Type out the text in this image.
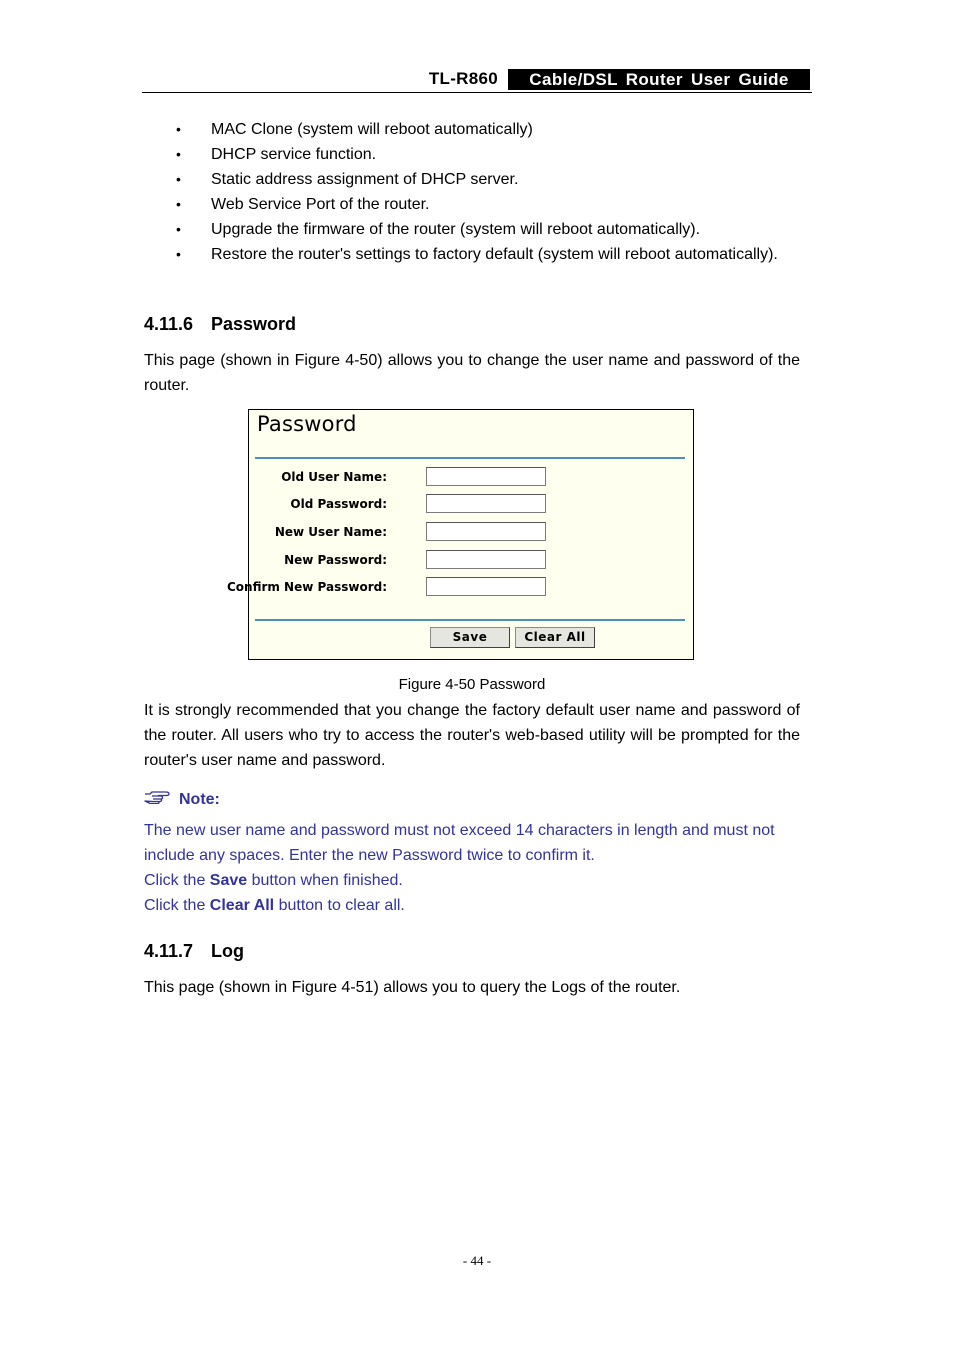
TL-R860	Cable/DSL Router User Guide
• MAC Clone (system will reboot automatically)
• DHCP service function.
• Static address assignment of DHCP server.
• Web Service Port of the router.
• Upgrade the firmware of the router (system will reboot automatically).
• Restore the router's settings to factory default (system will reboot automatically).
4.11.6 Password

This page (shown in Figure 4-50) allows you to change the user name and password of the router.

Password
Old User Name:
Old Password:
New User Name:
New Password:
Confirm New Password:
Save	Clear All
Figure 4-50 Password

It is strongly recommended that you change the factory default user name and password of the router. All users who try to access the router's web-based utility will be prompted for the router's user name and password.

Note:
The new user name and password must not exceed 14 characters in length and must not include any spaces. Enter the new Password twice to confirm it.
Click the Save button when finished.
Click the Clear All button to clear all.
4.11.7 Log

This page (shown in Figure 4-51) allows you to query the Logs of the router.

- 44 -
